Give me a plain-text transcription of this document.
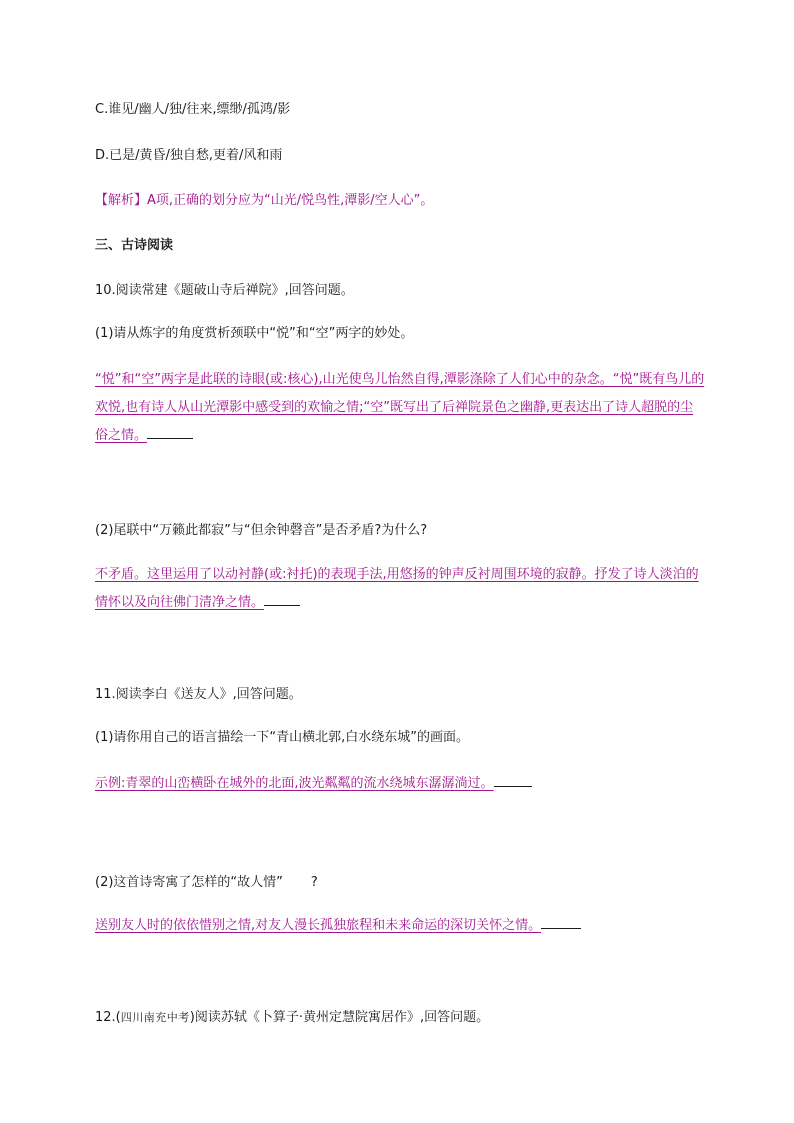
C.谁见/幽人/独/往来,缥缈/孤鸿/影
D.已是/黄昏/独自愁,更着/风和雨
【解析】A项,正确的划分应为“山光/悦鸟性,潭影/空人心”。
三、古诗阅读
10.阅读常建《题破山寺后禅院》,回答问题。
(1)请从炼字的角度赏析颈联中“悦”和“空”两字的妙处。
“悦”和“空”两字是此联的诗眼(或:核心),山光使鸟儿怡然自得,潭影涤除了人们心中的杂念。“悦”既有鸟儿的欢悦,也有诗人从山光潭影中感受到的欢愉之情;“空”既写出了后禅院景色之幽静,更表达出了诗人超脱的尘俗之情。
(2)尾联中“万籁此都寂”与“但余钟磬音”是否矛盾?为什么?
不矛盾。这里运用了以动衬静(或:衬托)的表现手法,用悠扬的钟声反衬周围环境的寂静。抒发了诗人淡泊的情怀以及向往佛门清净之情。
11.阅读李白《送友人》,回答问题。
(1)请你用自己的语言描绘一下“青山横北郭,白水绕东城”的画面。
示例:青翠的山峦横卧在城外的北面,波光粼粼的流水绕城东潺潺淌过。
(2)这首诗寄寓了怎样的“故人情” ?
送别友人时的依依惜别之情,对友人漫长孤独旅程和未来命运的深切关怀之情。
12.(四川南充中考)阅读苏轼《卜算子·黄州定慧院寓居作》,回答问题。
